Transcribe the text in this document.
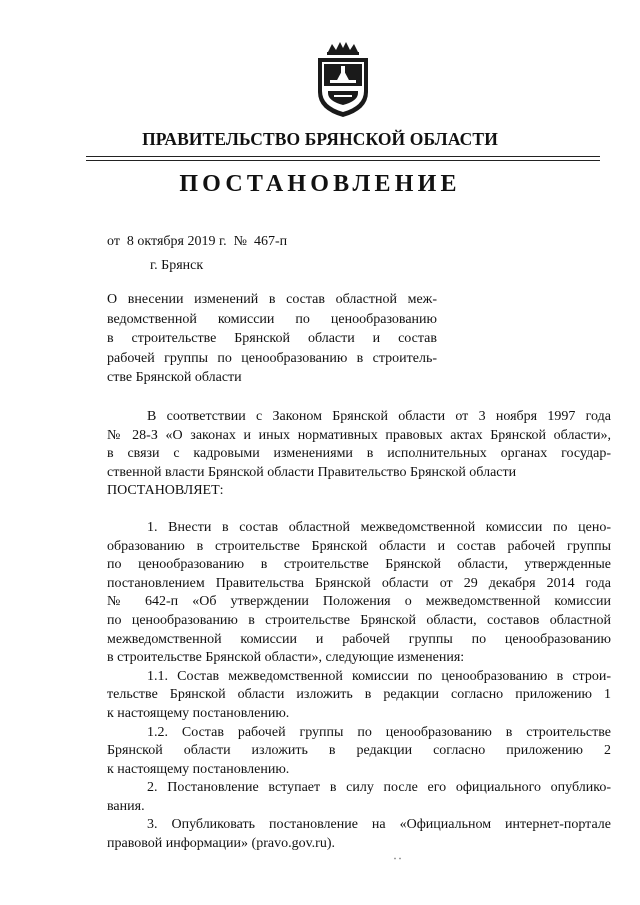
ПРАВИТЕЛЬСТВО БРЯНСКОЙ ОБЛАСТИ
ПОСТАНОВЛЕНИЕ
от  8 октября 2019 г.  №  467-п
г. Брянск
О внесении изменений в состав областной меж-
ведомственной комиссии по ценообразованию
в строительстве Брянской области и состав
рабочей группы по ценообразованию в строитель-
стве Брянской области
В соответствии с Законом Брянской области от 3 ноября 1997 года
№ 28-З «О законах и иных нормативных правовых актах Брянской области»,
в связи с кадровыми изменениями в исполнительных органах государ-
ственной власти Брянской области Правительство Брянской области
ПОСТАНОВЛЯЕТ:
1. Внести в состав областной межведомственной комиссии по цено-
образованию в строительстве Брянской области и состав рабочей группы
по ценообразованию в строительстве Брянской области, утвержденные
постановлением Правительства Брянской области от 29 декабря 2014 года
№ 642-п «Об утверждении Положения о межведомственной комиссии
по ценообразованию в строительстве Брянской области, составов областной
межведомственной комиссии и рабочей группы по ценообразованию
в строительстве Брянской области», следующие изменения:
1.1. Состав межведомственной комиссии по ценообразованию в строи-
тельстве Брянской области изложить в редакции согласно приложению 1
к настоящему постановлению.
1.2. Состав рабочей группы по ценообразованию в строительстве
Брянской области изложить в редакции согласно приложению 2
к настоящему постановлению.
2. Постановление вступает в силу после его официального опублико-
вания.
3. Опубликовать постановление на «Официальном интернет-портале
правовой информации» (pravo.gov.ru).
